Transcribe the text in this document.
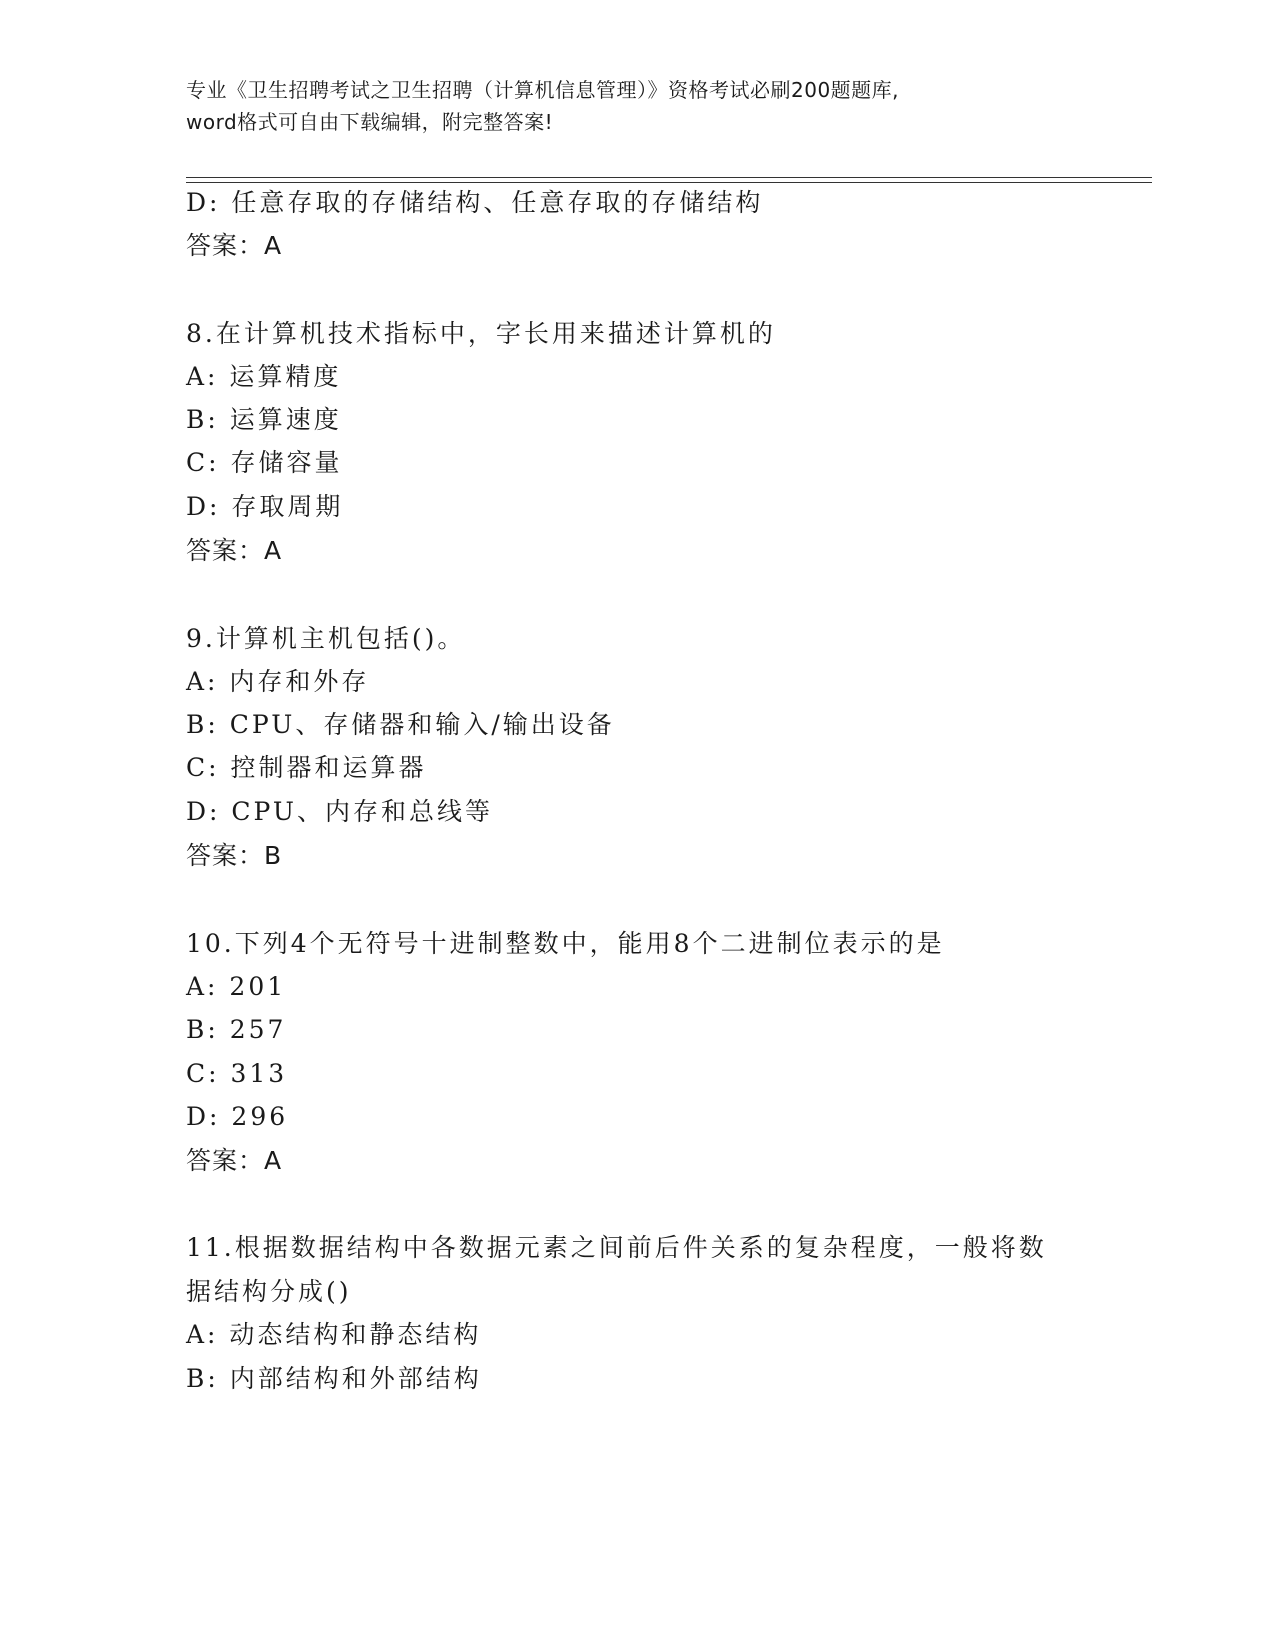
专业《卫生招聘考试之卫生招聘（计算机信息管理）》资格考试必刷200题题库,
word格式可自由下载编辑，附完整答案!
D: 任意存取的存储结构、任意存取的存储结构
答案：A
8.在计算机技术指标中，字长用来描述计算机的
A: 运算精度
B: 运算速度
C: 存储容量
D: 存取周期
答案：A
9.计算机主机包括()。
A: 内存和外存
B: CPU、存储器和输入/输出设备
C: 控制器和运算器
D: CPU、内存和总线等
答案：B
10.下列4个无符号十进制整数中，能用8个二进制位表示的是
A: 201
B: 257
C: 313
D: 296
答案：A
11.根据数据结构中各数据元素之间前后件关系的复杂程度，一般将数
据结构分成()
A: 动态结构和静态结构
B: 内部结构和外部结构
